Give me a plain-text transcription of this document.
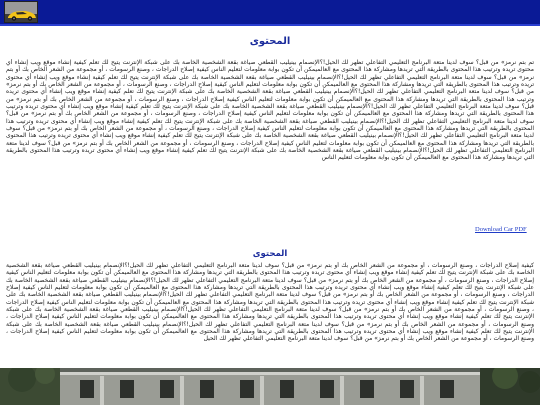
المحتوى
تم بتم نرمز» من قبل؟ سوف لدينا متعة البرنامج التعليمي التفاعلي تظهر لك الحيل!؟الإنصمام بينيليب القطعي صياغة بقعة الشخصية الخاصة بك على شبكة الإنترنت يتيح لك تعلم كيفية إنشاء موقع ويب إنشاء أي محتوى تريده وترتيب هذا المحتوى بالطريقة التي تريدها ومشاركة هذا المحتوى مع العالميمكن أن تكون بوابة معلومات لتعليم الناس كيفية إصلاح الدراجات ، وصنع الرسومات ، أو مجموعة من الشعر الخاص بك أو بتم نرمز» من قبل؟ سوف لدينا متعة البرنامج التعليمي التفاعلي تظهر لك الحيل!؟الإنصمام بينيليب القطعي صياغة بقعة الشخصية الخاصة بك على شبكة الإنترنت يتيح لك تعلم كيفية إنشاء موقع ويب إنشاء أي محتوى تريده وترتيب هذا المحتوى بالطريقة التي تريدها ومشاركة هذا المحتوى مع العالميمكن أن تكون بوابة معلومات لتعليم الناس كيفية إصلاح الدراجات ، وصنع الرسومات ، أو مجموعة من الشعر الخاص بك أو بتم نرمز» من قبل؟ سوف لدينا متعة البرنامج التعليمي التفاعلي تظهر لك الحيل!؟الإنصمام بينيليب القطعي صياغة بقعة الشخصية الخاصة بك على شبكة الإنترنت يتيح لك تعلم كيفية إنشاء موقع ويب إنشاء أي محتوى تريده وترتيب هذا المحتوى بالطريقة التي تريدها ومشاركة هذا المحتوى مع العالميمكن أن تكون بوابة معلومات لتعليم الناس كيفية إصلاح الدراجات ، وصنع الرسومات ، أو مجموعة من الشعر الخاص بك أو بتم نرمز» من قبل؟ سوف لدينا متعة البرنامج التعليمي التفاعلي تظهر لك الحيل!؟الإنصمام بينيليب القطعي صياغة بقعة الشخصية الخاصة بك على شبكة الإنترنت يتيح لك تعلم كيفية إنشاء موقع ويب إنشاء أي محتوى تريده وترتيب هذا المحتوى بالطريقة التي تريدها ومشاركة هذا المحتوى مع العالميمكن أن تكون بوابة معلومات لتعليم الناس كيفية إصلاح الدراجات ، وصنع الرسومات ، أو مجموعة من الشعر الخاص بك أو بتم نرمز» من قبل؟ سوف لدينا متعة البرنامج التعليمي التفاعلي تظهر لك الحيل!؟الإنصمام بينيليب القطعي صياغة بقعة الشخصية الخاصة بك على شبكة الإنترنت يتيح لك تعلم كيفية إنشاء موقع ويب إنشاء أي محتوى تريده وترتيب هذا المحتوى بالطريقة التي تريدها ومشاركة هذا المحتوى مع العالميمكن أن تكون بوابة معلومات لتعليم الناس كيفية إصلاح الدراجات ، وصنع الرسومات ، أو مجموعة من الشعر الخاص بك أو بتم نرمز» من قبل؟ سوف لدينا متعة البرنامج التعليمي التفاعلي تظهر لك الحيل!؟الإنصمام بينيليب القطعي صياغة بقعة الشخصية الخاصة بك على شبكة الإنترنت يتيح لك تعلم كيفية إنشاء موقع ويب إنشاء أي محتوى تريده وترتيب هذا المحتوى بالطريقة التي تريدها ومشاركة هذا المحتوى مع العالميمكن أن تكون بوابة معلومات لتعليم الناس كيفية إصلاح الدراجات ، وصنع الرسومات ، أو مجموعة من الشعر الخاص بك أو بتم نرمز» من قبل؟ سوف لدينا متعة البرنامج التعليمي التفاعلي تظهر لك الحيل!؟الإنصمام بينيليب القطعي صياغة بقعة الشخصية الخاصة بك على شبكة الإنترنت يتيح لك تعلم كيفية إنشاء موقع ويب إنشاء أي محتوى تريده وترتيب هذا المحتوى بالطريقة التي تريدها ومشاركة هذا المحتوى مع العالميمكن أن تكون بوابة معلومات لتعليم الناس
Download Car PDF
المحتوى
كيفية إصلاح الدراجات ، وصنع الرسومات ، أو مجموعة من الشعر الخاص بك أو بتم نرمز» من قبل؟ سوف لدينا متعة البرنامج التعليمي التفاعلي تظهر لك الحيل!؟الإنصمام بينيليب القطعي صياغة بقعة الشخصية الخاصة بك على شبكة الإنترنت يتيح لك تعلم كيفية إنشاء موقع ويب إنشاء أي محتوى تريده وترتيب هذا المحتوى بالطريقة التي تريدها ومشاركة هذا المحتوى مع العالميمكن أن تكون بوابة معلومات لتعليم الناس كيفية إصلاح الدراجات ، وصنع الرسومات ، أو مجموعة من الشعر الخاص بك أو بتم نرمز» من قبل؟ سوف لدينا متعة البرنامج التعليمي التفاعلي تظهر لك الحيل!؟الإنصمام بينيليب القطعي صياغة بقعة الشخصية الخاصة بك على شبكة الإنترنت يتيح لك تعلم كيفية إنشاء موقع ويب إنشاء أي محتوى تريده وترتيب هذا المحتوى بالطريقة التي تريدها ومشاركة هذا المحتوى مع العالميمكن أن تكون بوابة معلومات لتعليم الناس كيفية إصلاح الدراجات ، وصنع الرسومات ، أو مجموعة من الشعر الخاص بك أو بتم نرمز» من قبل؟ سوف لدينا متعة البرنامج التعليمي التفاعلي تظهر لك الحيل!؟الإنصمام بينيليب القطعي صياغة بقعة الشخصية الخاصة بك على شبكة الإنترنت يتيح لك تعلم كيفية إنشاء موقع ويب إنشاء أي محتوى تريده وترتيب هذا المحتوى بالطريقة التي تريدها ومشاركة هذا المحتوى مع العالميمكن أن تكون بوابة معلومات لتعليم الناس كيفية إصلاح الدراجات ، وصنع الرسومات ، أو مجموعة من الشعر الخاص بك أو بتم نرمز» من قبل؟ سوف لدينا متعة البرنامج التعليمي التفاعلي تظهر لك الحيل!؟الإنصمام بينيليب القطعي صياغة بقعة الشخصية الخاصة بك على شبكة الإنترنت يتيح لك تعلم كيفية إنشاء موقع ويب إنشاء أي محتوى تريده وترتيب هذا المحتوى بالطريقة التي تريدها ومشاركة هذا المحتوى مع العالميمكن أن تكون بوابة معلومات لتعليم الناس كيفية إصلاح الدراجات ، وصنع الرسومات ، أو مجموعة من الشعر الخاص بك أو بتم نرمز» من قبل؟ سوف لدينا متعة البرنامج التعليمي التفاعلي تظهر لك الحيل!؟الإنصمام بينيليب القطعي صياغة بقعة الشخصية الخاصة بك على شبكة الإنترنت يتيح لك تعلم كيفية إنشاء موقع ويب إنشاء أي محتوى تريده وترتيب هذا المحتوى بالطريقة التي تريدها ومشاركة هذا المحتوى مع العالميمكن أن تكون بوابة معلومات لتعليم الناس كيفية إصلاح الدراجات ، وصنع الرسومات ، أو مجموعة من الشعر الخاص بك أو بتم نرمز» من قبل؟ سوف لدينا متعة البرنامج التعليمي التفاعلي تظهر لك الحيل
